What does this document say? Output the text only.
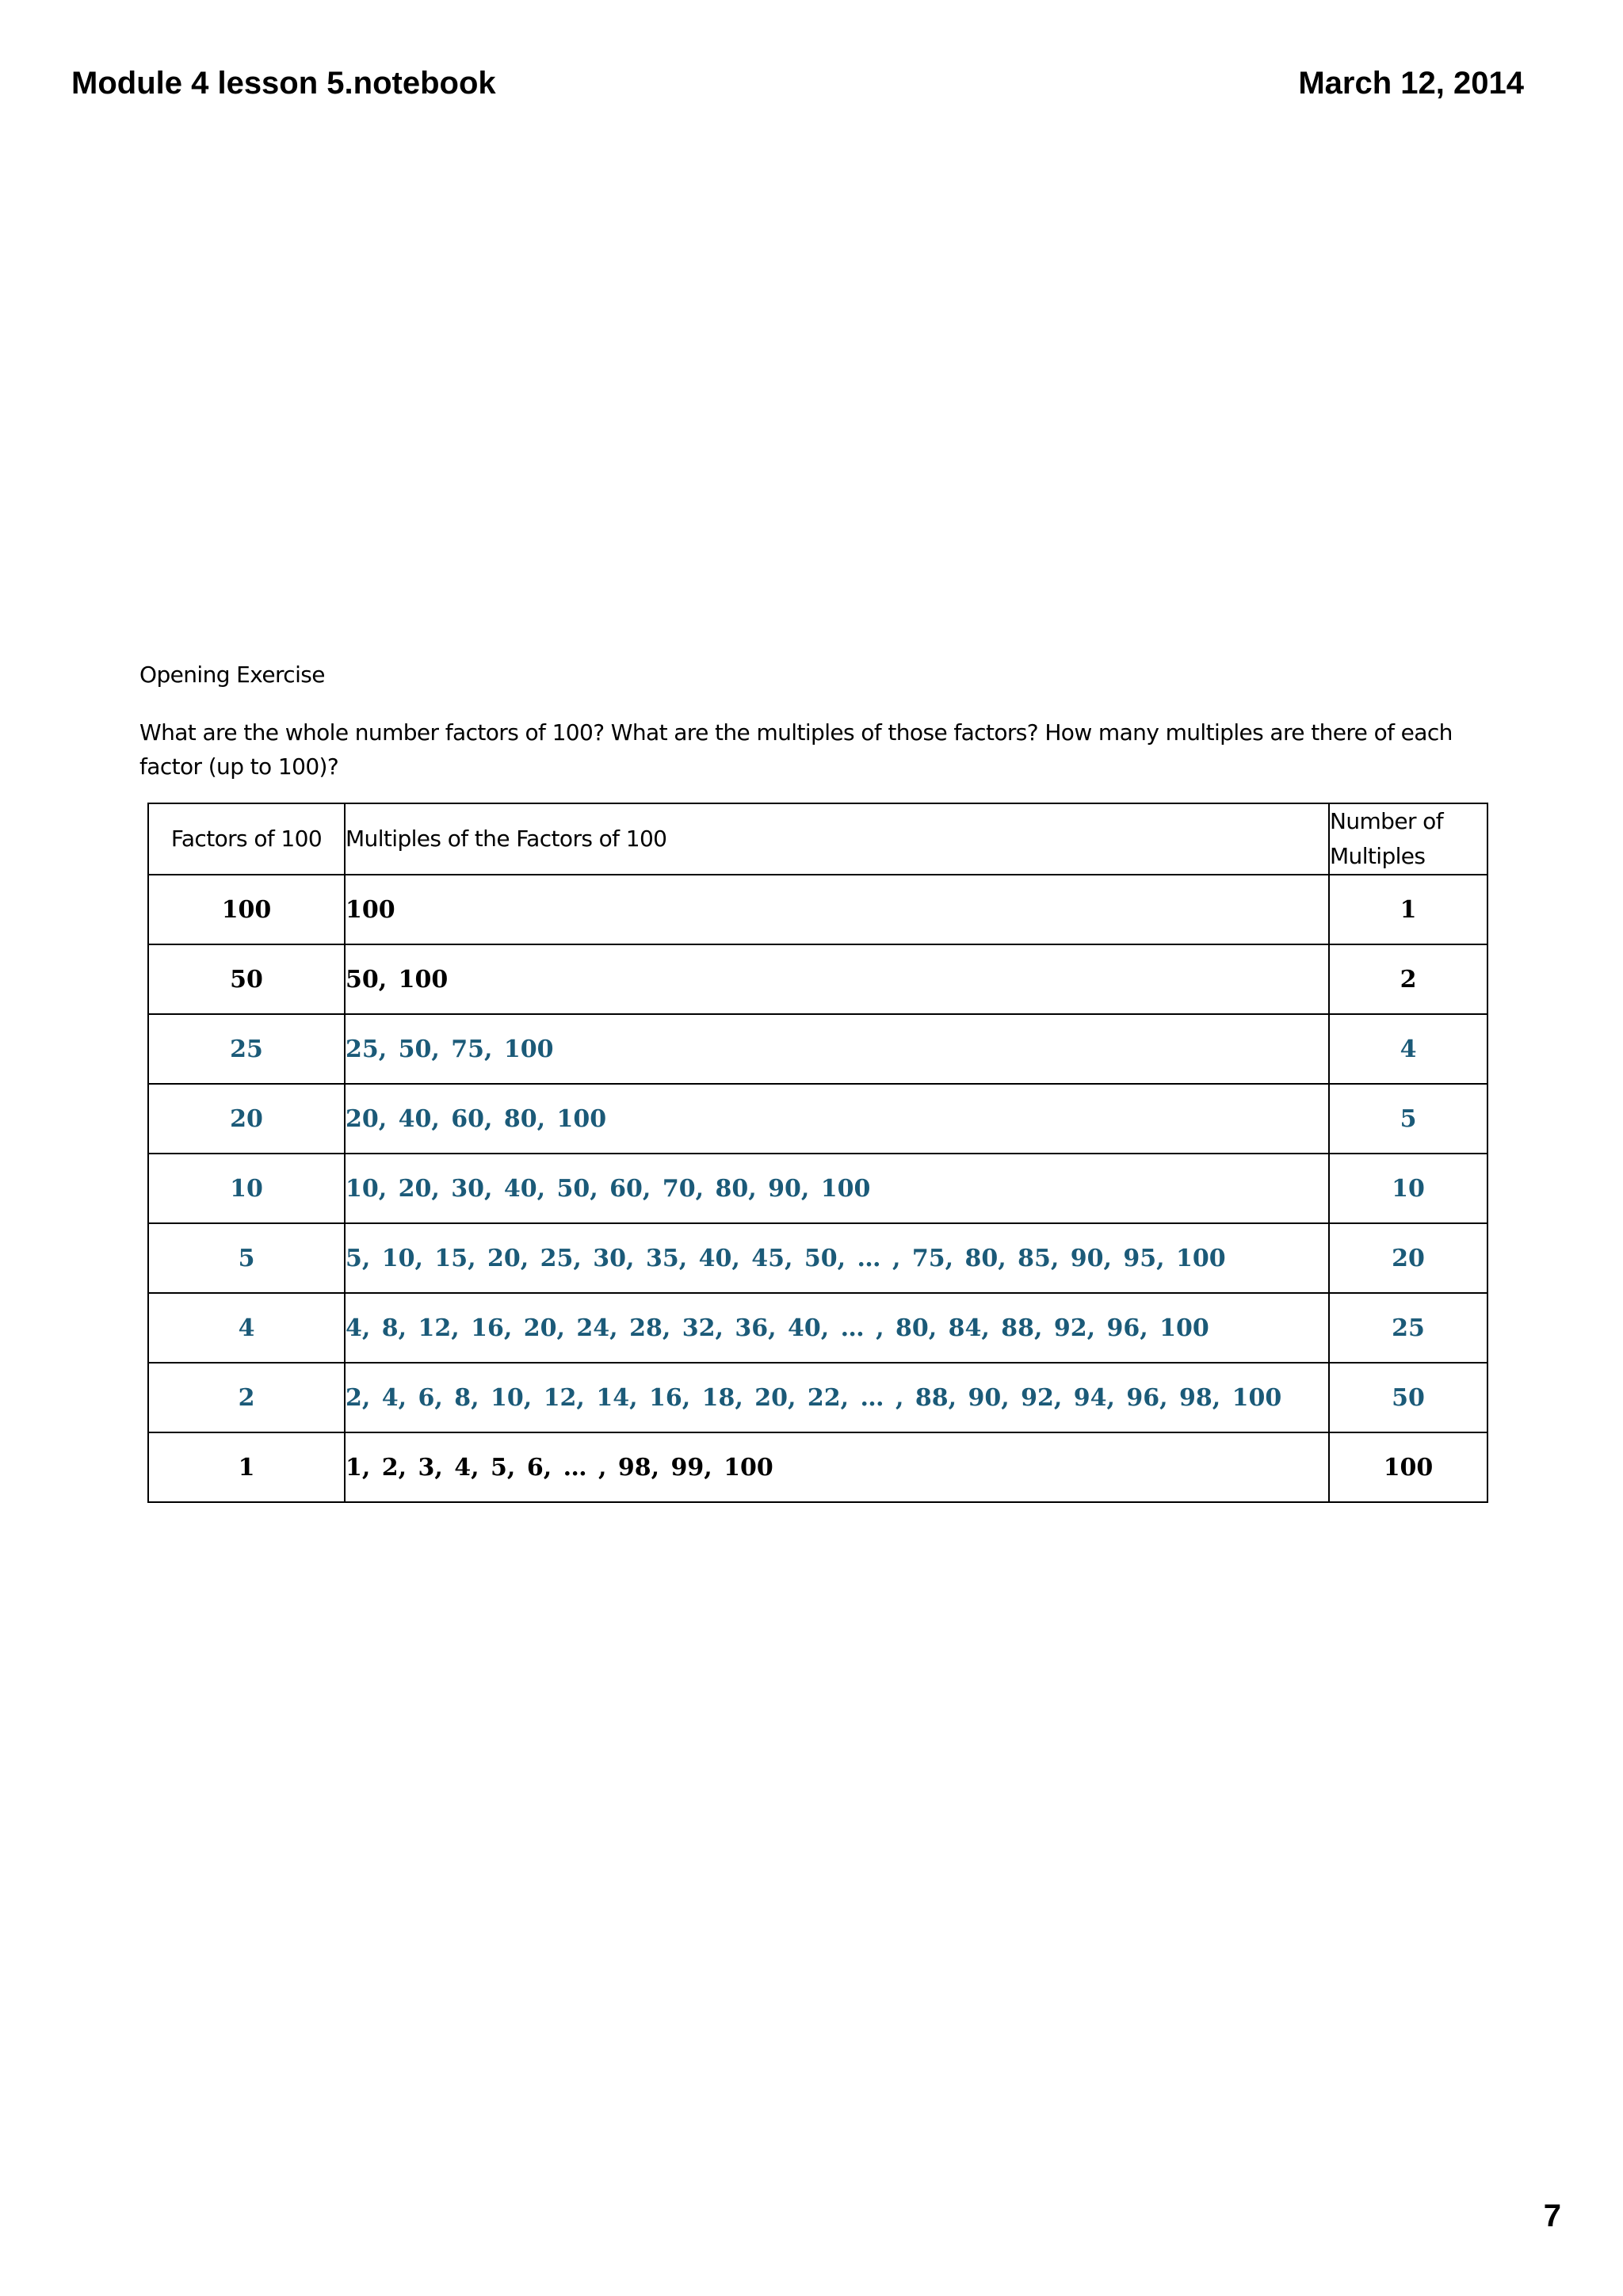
Module 4 lesson 5.notebook	March 12, 2014
Opening Exercise
What are the whole number factors of 100? What are the multiples of those factors? How many multiples are there of each factor (up to 100)?
Factors of 100	Multiples of the Factors of 100	Number of
Multiples
100	100	1
50	50, 100	2
25	25, 50, 75, 100	4
20	20, 40, 60, 80, 100	5
10	10, 20, 30, 40, 50, 60, 70, 80, 90, 100	10
5	5, 10, 15, 20, 25, 30, 35, 40, 45, 50, … , 75, 80, 85, 90, 95, 100	20
4	4, 8, 12, 16, 20, 24, 28, 32, 36, 40, … , 80, 84, 88, 92, 96, 100	25
2	2, 4, 6, 8, 10, 12, 14, 16, 18, 20, 22, … , 88, 90, 92, 94, 96, 98, 100	50
1	1, 2, 3, 4, 5, 6, … , 98, 99, 100	100
7
